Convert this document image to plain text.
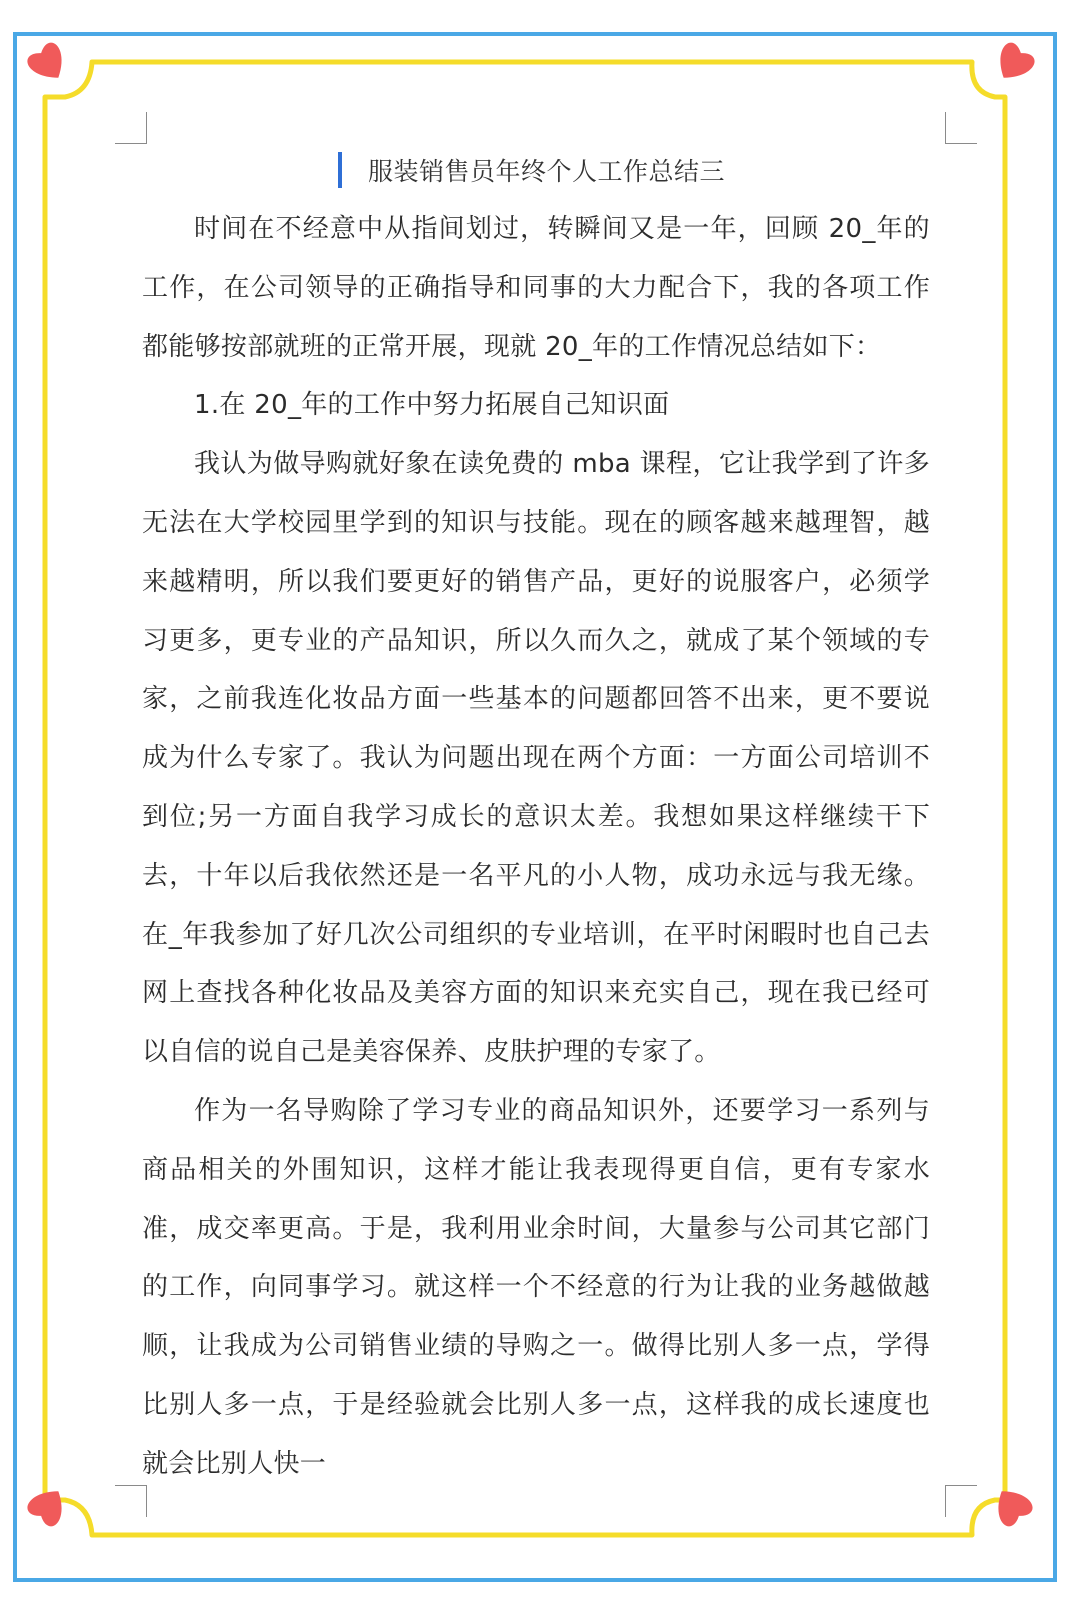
服装销售员年终个人工作总结三

时间在不经意中从指间划过，转瞬间又是一年，回顾 20_年的工作，在公司领导的正确指导和同事的大力配合下，我的各项工作都能够按部就班的正常开展，现就 20_年的工作情况总结如下：

1.在 20_年的工作中努力拓展自己知识面

我认为做导购就好象在读免费的 mba 课程，它让我学到了许多无法在大学校园里学到的知识与技能。现在的顾客越来越理智，越来越精明，所以我们要更好的销售产品，更好的说服客户，必须学习更多，更专业的产品知识，所以久而久之，就成了某个领域的专家，之前我连化妆品方面一些基本的问题都回答不出来，更不要说成为什么专家了。我认为问题出现在两个方面：一方面公司培训不到位;另一方面自我学习成长的意识太差。我想如果这样继续干下去，十年以后我依然还是一名平凡的小人物，成功永远与我无缘。在_年我参加了好几次公司组织的专业培训，在平时闲暇时也自己去网上查找各种化妆品及美容方面的知识来充实自己，现在我已经可以自信的说自己是美容保养、皮肤护理的专家了。

作为一名导购除了学习专业的商品知识外，还要学习一系列与商品相关的外围知识，这样才能让我表现得更自信，更有专家水准，成交率更高。于是，我利用业余时间，大量参与公司其它部门的工作，向同事学习。就这样一个不经意的行为让我的业务越做越顺，让我成为公司销售业绩的导购之一。做得比别人多一点，学得比别人多一点，于是经验就会比别人多一点，这样我的成长速度也就会比别人快一
